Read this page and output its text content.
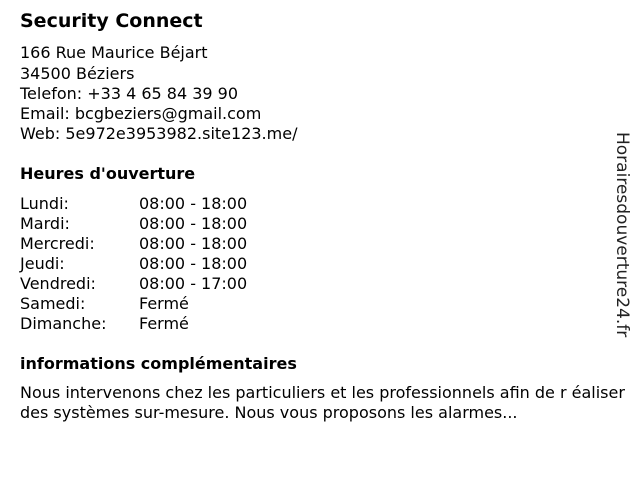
Security Connect
166 Rue Maurice Béjart
34500 Béziers
Telefon: +33 4 65 84 39 90
Email: bcgbeziers@gmail.com
Web: 5e972e3953982.site123.me/
Heures d'ouverture
Lundi:	08:00 - 18:00
Mardi:	08:00 - 18:00
Mercredi:	08:00 - 18:00
Jeudi:	08:00 - 18:00
Vendredi:	08:00 - 17:00
Samedi:	Fermé
Dimanche: Fermé
informations complémentaires
Nous intervenons chez les particuliers et les professionnels afin de r éaliser des systèmes sur-mesure. Nous vous proposons les alarmes...
Horairesdouverture24.fr
